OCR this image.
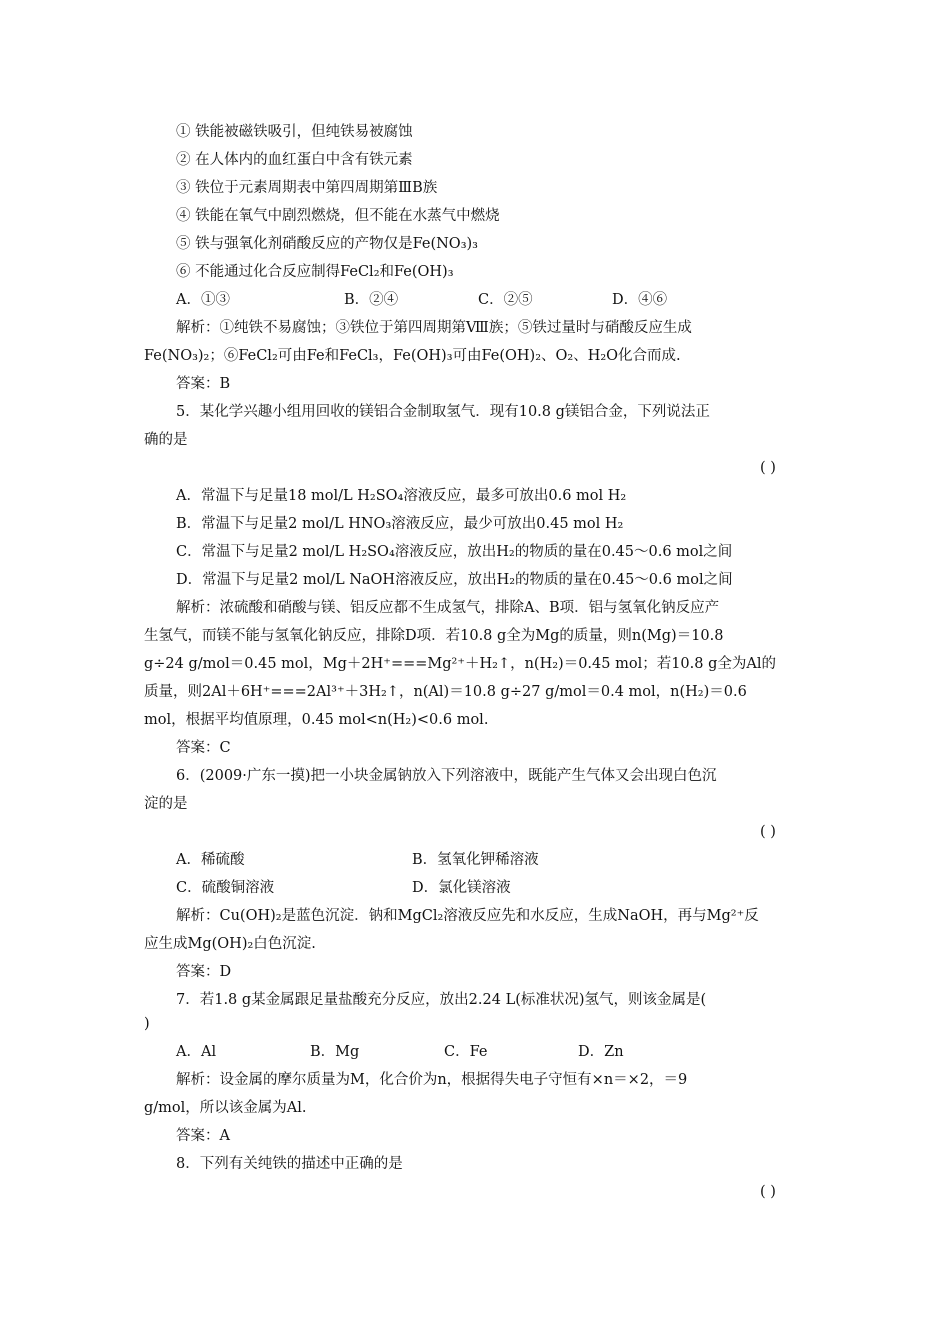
① 铁能被磁铁吸引，但纯铁易被腐蚀
② 在人体内的血红蛋白中含有铁元素
③ 铁位于元素周期表中第四周期第ⅢB族
④ 铁能在氧气中剧烈燃烧，但不能在水蒸气中燃烧
⑤ 铁与强氧化剂硝酸反应的产物仅是Fe(NO₃)₃
⑥ 不能通过化合反应制得FeCl₂和Fe(OH)₃
A．①③	B．②④	C．②⑤	D．④⑥
解析：①纯铁不易腐蚀；③铁位于第四周期第Ⅷ族；⑤铁过量时与硝酸反应生成
Fe(NO₃)₂；⑥FeCl₂可由Fe和FeCl₃，Fe(OH)₃可由Fe(OH)₂、O₂、H₂O化合而成.
答案：B
5．某化学兴趣小组用回收的镁铝合金制取氢气．现有10.8 g镁铝合金，下列说法正
确的是
( )
A．常温下与足量18 mol/L H₂SO₄溶液反应，最多可放出0.6 mol H₂
B．常温下与足量2 mol/L HNO₃溶液反应，最少可放出0.45 mol H₂
C．常温下与足量2 mol/L H₂SO₄溶液反应，放出H₂的物质的量在0.45～0.6 mol之间
D．常温下与足量2 mol/L NaOH溶液反应，放出H₂的物质的量在0.45～0.6 mol之间
解析：浓硫酸和硝酸与镁、铝反应都不生成氢气，排除A、B项．铝与氢氧化钠反应产
生氢气，而镁不能与氢氧化钠反应，排除D项．若10.8 g全为Mg的质量，则n(Mg)＝10.8
g÷24 g/mol＝0.45 mol，Mg＋2H⁺===Mg²⁺＋H₂↑，n(H₂)＝0.45 mol；若10.8 g全为Al的
质量，则2Al＋6H⁺===2Al³⁺＋3H₂↑，n(Al)＝10.8 g÷27 g/mol＝0.4 mol，n(H₂)＝0.6
mol，根据平均值原理，0.45 mol<n(H₂)<0.6 mol.
答案：C
6．(2009·广东一摸)把一小块金属钠放入下列溶液中，既能产生气体又会出现白色沉
淀的是
( )
A．稀硫酸	B．氢氧化钾稀溶液
C．硫酸铜溶液	D．氯化镁溶液
解析：Cu(OH)₂是蓝色沉淀．钠和MgCl₂溶液反应先和水反应，生成NaOH，再与Mg²⁺反
应生成Mg(OH)₂白色沉淀.
答案：D
7．若1.8 g某金属跟足量盐酸充分反应，放出2.24 L(标准状况)氢气，则该金属是(
)
A．Al	B．Mg	C．Fe	D．Zn
解析：设金属的摩尔质量为M，化合价为n，根据得失电子守恒有×n＝×2，＝9
g/mol，所以该金属为Al.
答案：A
8．下列有关纯铁的描述中正确的是
( )
